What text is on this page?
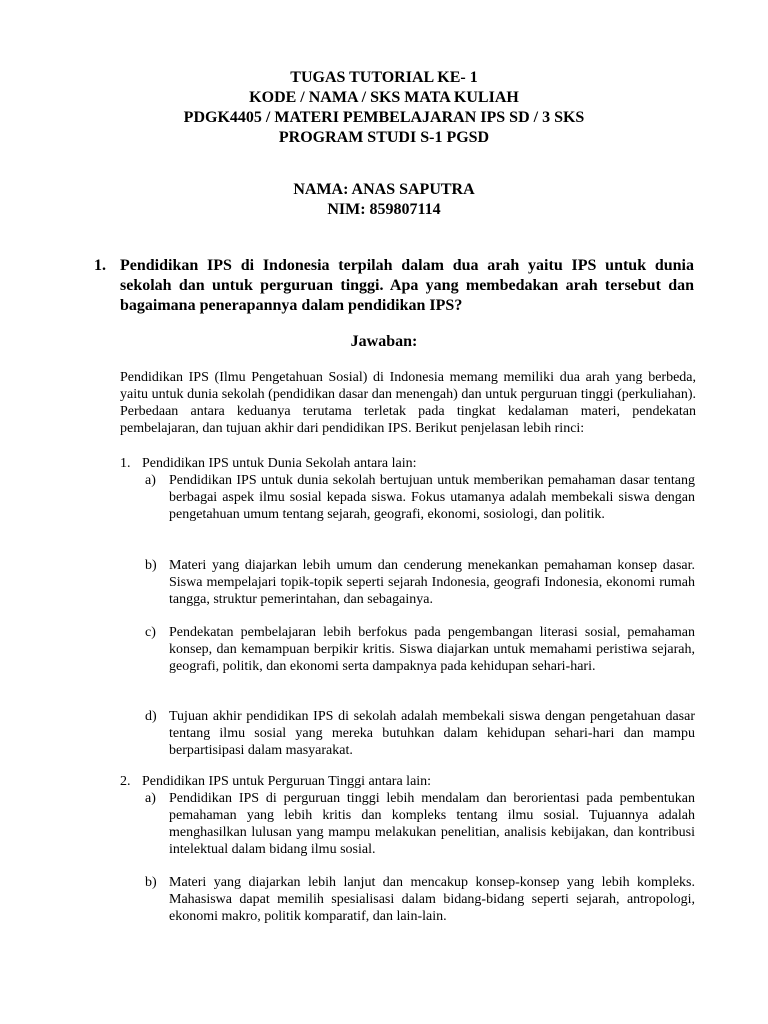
TUGAS TUTORIAL KE- 1
KODE / NAMA / SKS MATA KULIAH
PDGK4405 / MATERI PEMBELAJARAN IPS SD / 3 SKS
PROGRAM STUDI S-1 PGSD
NAMA: ANAS SAPUTRA
NIM: 859807114
1. Pendidikan IPS di Indonesia terpilah dalam dua arah yaitu IPS untuk dunia sekolah dan untuk perguruan tinggi. Apa yang membedakan arah tersebut dan bagaimana penerapannya dalam pendidikan IPS?
Jawaban:
Pendidikan IPS (Ilmu Pengetahuan Sosial) di Indonesia memang memiliki dua arah yang berbeda, yaitu untuk dunia sekolah (pendidikan dasar dan menengah) dan untuk perguruan tinggi (perkuliahan). Perbedaan antara keduanya terutama terletak pada tingkat kedalaman materi, pendekatan pembelajaran, dan tujuan akhir dari pendidikan IPS. Berikut penjelasan lebih rinci:
1. Pendidikan IPS untuk Dunia Sekolah antara lain:
a) Pendidikan IPS untuk dunia sekolah bertujuan untuk memberikan pemahaman dasar tentang berbagai aspek ilmu sosial kepada siswa. Fokus utamanya adalah membekali siswa dengan pengetahuan umum tentang sejarah, geografi, ekonomi, sosiologi, dan politik.
b) Materi yang diajarkan lebih umum dan cenderung menekankan pemahaman konsep dasar. Siswa mempelajari topik-topik seperti sejarah Indonesia, geografi Indonesia, ekonomi rumah tangga, struktur pemerintahan, dan sebagainya.
c) Pendekatan pembelajaran lebih berfokus pada pengembangan literasi sosial, pemahaman konsep, dan kemampuan berpikir kritis. Siswa diajarkan untuk memahami peristiwa sejarah, geografi, politik, dan ekonomi serta dampaknya pada kehidupan sehari-hari.
d) Tujuan akhir pendidikan IPS di sekolah adalah membekali siswa dengan pengetahuan dasar tentang ilmu sosial yang mereka butuhkan dalam kehidupan sehari-hari dan mampu berpartisipasi dalam masyarakat.
2. Pendidikan IPS untuk Perguruan Tinggi antara lain:
a) Pendidikan IPS di perguruan tinggi lebih mendalam dan berorientasi pada pembentukan pemahaman yang lebih kritis dan kompleks tentang ilmu sosial. Tujuannya adalah menghasilkan lulusan yang mampu melakukan penelitian, analisis kebijakan, dan kontribusi intelektual dalam bidang ilmu sosial.
b) Materi yang diajarkan lebih lanjut dan mencakup konsep-konsep yang lebih kompleks. Mahasiswa dapat memilih spesialisasi dalam bidang-bidang seperti sejarah, antropologi, ekonomi makro, politik komparatif, dan lain-lain.
